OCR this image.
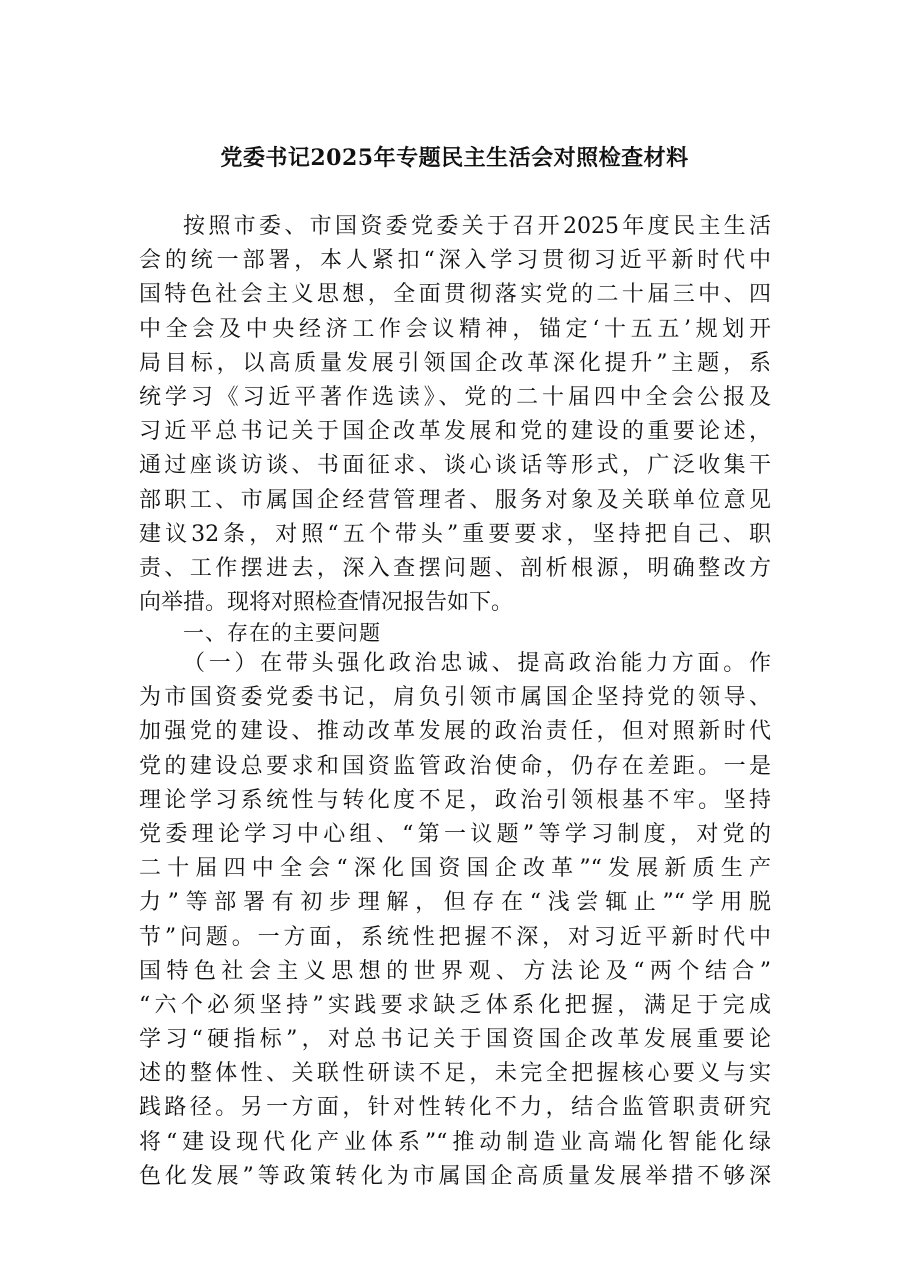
党委书记2025年专题民主生活会对照检查材料
按照市委、市国资委党委关于召开2025年度民主生活
会的统一部署，本人紧扣“深入学习贯彻习近平新时代中
国特色社会主义思想，全面贯彻落实党的二十届三中、四
中全会及中央经济工作会议精神，锚定‘十五五’规划开
局目标，以高质量发展引领国企改革深化提升”主题，系
统学习《习近平著作选读》、党的二十届四中全会公报及
习近平总书记关于国企改革发展和党的建设的重要论述，
通过座谈访谈、书面征求、谈心谈话等形式，广泛收集干
部职工、市属国企经营管理者、服务对象及关联单位意见
建议32条，对照“五个带头”重要要求，坚持把自己、职
责、工作摆进去，深入查摆问题、剖析根源，明确整改方
向举措。现将对照检查情况报告如下。
一、存在的主要问题
（一）在带头强化政治忠诚、提高政治能力方面。作
为市国资委党委书记，肩负引领市属国企坚持党的领导、
加强党的建设、推动改革发展的政治责任，但对照新时代
党的建设总要求和国资监管政治使命，仍存在差距。一是
理论学习系统性与转化度不足，政治引领根基不牢。坚持
党委理论学习中心组、“第一议题”等学习制度，对党的
二十届四中全会“深化国资国企改革”“发展新质生产
力”等部署有初步理解，但存在“浅尝辄止”“学用脱
节”问题。一方面，系统性把握不深，对习近平新时代中
国特色社会主义思想的世界观、方法论及“两个结合”
“六个必须坚持”实践要求缺乏体系化把握，满足于完成
学习“硬指标”，对总书记关于国资国企改革发展重要论
述的整体性、关联性研读不足，未完全把握核心要义与实
践路径。另一方面，针对性转化不力，结合监管职责研究
将“建设现代化产业体系”“推动制造业高端化智能化绿
色化发展”等政策转化为市属国企高质量发展举措不够深
